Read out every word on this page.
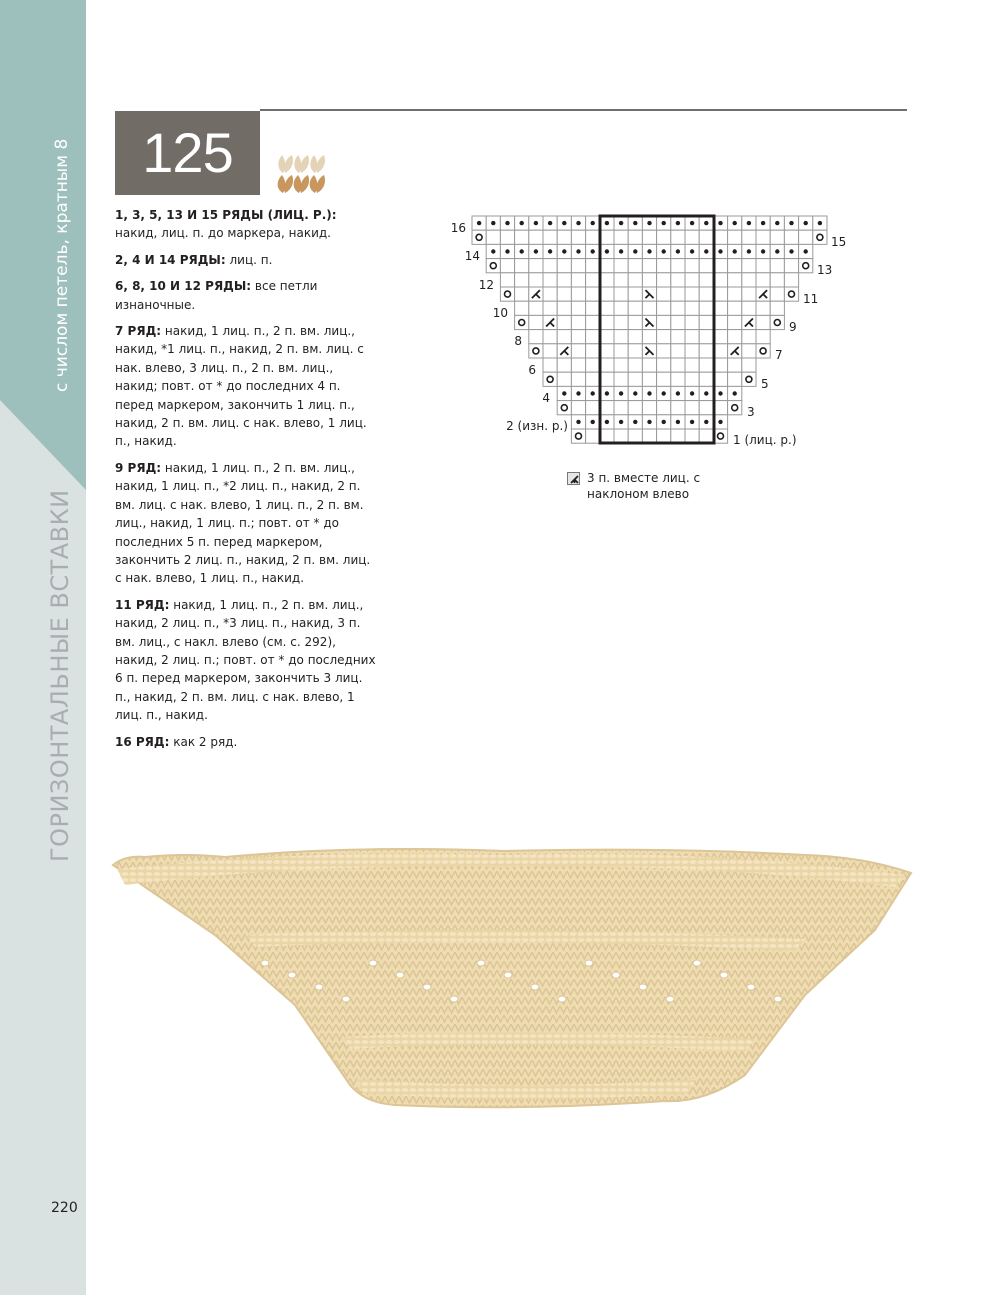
с числом петель, кратным 8
ГОРИЗОНТАЛЬНЫЕ ВСТАВКИ
125

1, 3, 5, 13 И 15 РЯДЫ (ЛИЦ. Р.): накид, лиц. п. до маркера, накид.

2, 4 И 14 РЯДЫ: лиц. п.

6, 8, 10 И 12 РЯДЫ: все петли изнаночные.

7 РЯД: накид, 1 лиц. п., 2 п. вм. лиц., накид, *1 лиц. п., накид, 2 п. вм. лиц. с нак. влево, 3 лиц. п., 2 п. вм. лиц., накид; повт. от * до последних 4 п. перед маркером, закончить 1 лиц. п., накид, 2 п. вм. лиц. с нак. влево, 1 лиц. п., накид.

9 РЯД: накид, 1 лиц. п., 2 п. вм. лиц., накид, 1 лиц. п., *2 лиц. п., накид, 2 п. вм. лиц. с нак. влево, 1 лиц. п., 2 п. вм. лиц., накид, 1 лиц. п.; повт. от * до последних 5 п. перед маркером, закончить 2 лиц. п., накид, 2 п. вм. лиц. с нак. влево, 1 лиц. п., накид.

11 РЯД: накид, 1 лиц. п., 2 п. вм. лиц., накид, 2 лиц. п., *3 лиц. п., накид, 3 п. вм. лиц., с накл. влево (см. с. 292), накид, 2 лиц. п.; повт. от * до последних 6 п. перед маркером, закончить 3 лиц. п., накид, 2 п. вм. лиц. с нак. влево, 1 лиц. п., накид.

16 РЯД: как 2 ряд.

16
14
12
10
8
6
4
2 (изн. р.)
15
13
11
9
7
5
3
1 (лиц. р.)
3 п. вместе лиц. с наклоном влево
220
